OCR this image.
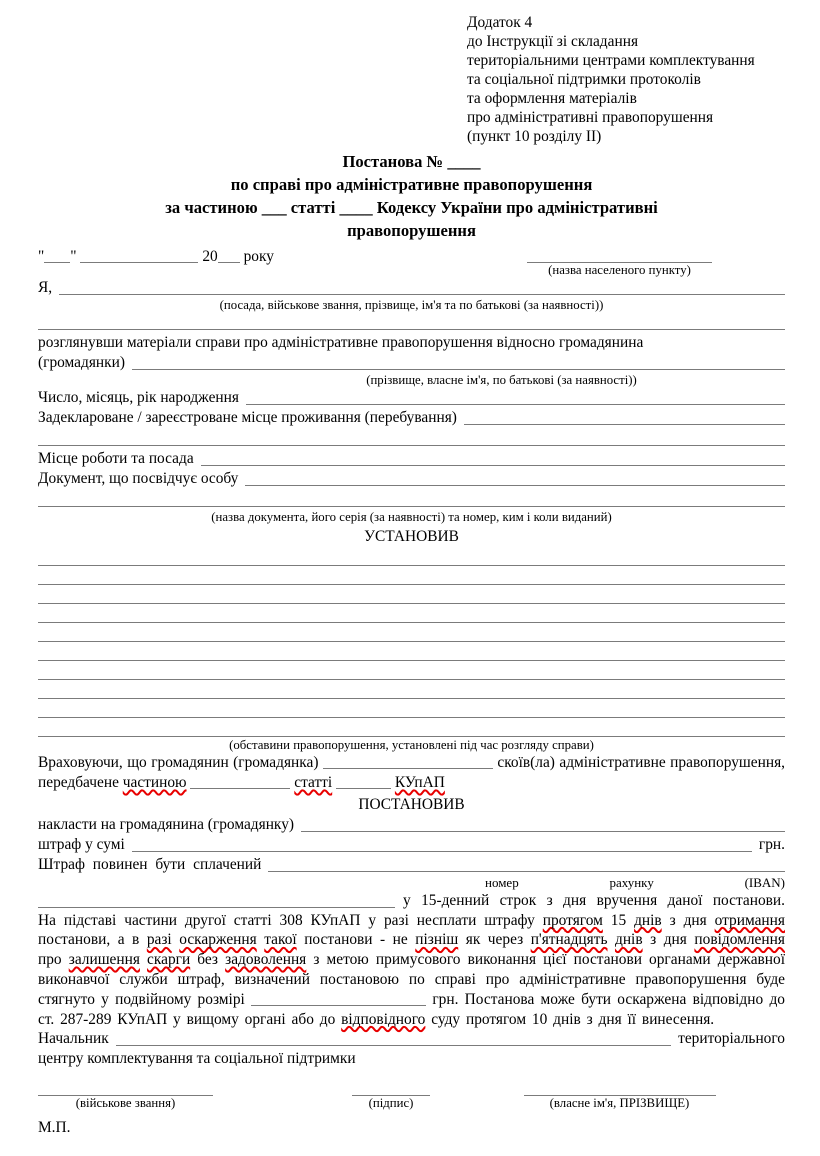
Додаток 4
до Інструкції зі складання
територіальними центрами комплектування
та соціальної підтримки протоколів
та оформлення матеріалів
про адміністративні правопорушення
(пункт 10 розділу ІІ)
Постанова № ____
по справі про адміністративне правопорушення
за частиною ___ статті ____ Кодексу України про адміністративні
правопорушення
" "	20 року
(назва населеного пункту)
Я,
(посада, військове звання, прізвище, ім'я та по батькові (за наявності))
розглянувши матеріали справи про адміністративне правопорушення відносно громадянина
(громадянки)
(прізвище, власне ім'я, по батькові (за наявності))
Число, місяць, рік народження
Задеклароване / зареєстроване місце проживання (перебування)
Місце роботи та посада
Документ, що посвідчує особу
(назва документа, його серія (за наявності) та номер, ким і коли виданий)
УСТАНОВИВ
(обставини правопорушення, установлені під час розгляду справи)
Враховуючи, що громадянин (громадянка)	скоїв(ла) адміністративне правопорушення, передбачене частиною	статті	КУпАП
ПОСТАНОВИВ
накласти на громадянина (громадянку)
штраф у сумі	грн.
Штраф повинен бути сплачений
номер	рахунку	(IBAN)
у 15-денний строк з дня вручення даної постанови.
На підставі частини другої статті 308 КУпАП у разі несплати штрафу протягом 15 днів з дня отримання постанови, а в разі оскарження такої постанови - не пізніш як через п'ятнадцять днів з дня повідомлення про залишення скарги без задоволення з метою примусового виконання цієї постанови органами державної виконавчої служби штраф, визначений постановою по справі про адміністративне правопорушення буде стягнуто у подвійному розмірі	грн. Постанова може бути оскаржена відповідно до ст. 287-289 КУпАП у вищому органі або до відповідного суду протягом 10 днів з дня її винесення.
Начальник	територіального
центру комплектування та соціальної підтримки
(військове звання)	(підпис)	(власне ім'я, ПРІЗВИЩЕ)
М.П.
